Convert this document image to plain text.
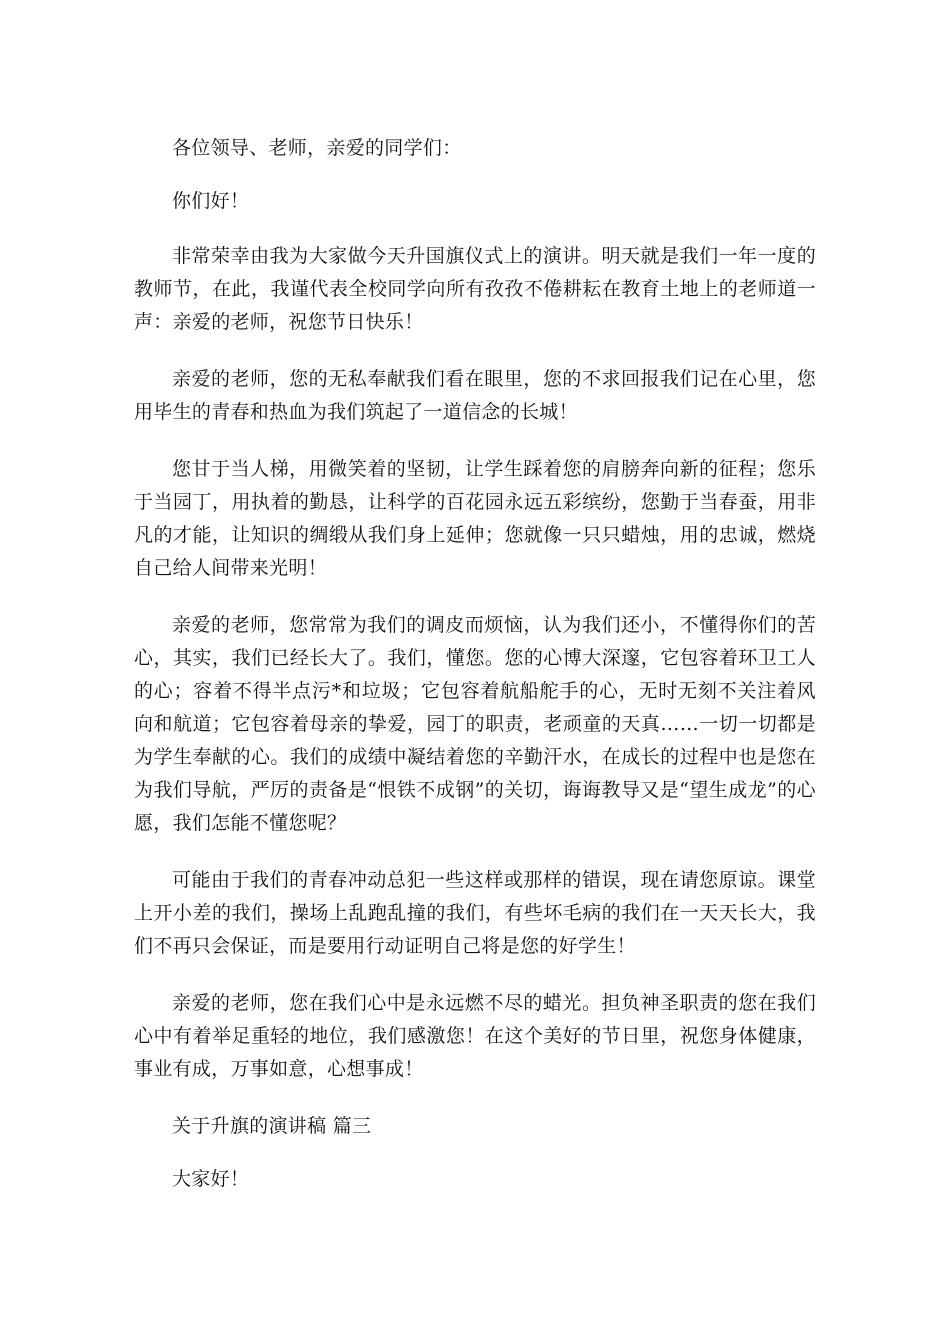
各位领导、老师，亲爱的同学们：

你们好！

非常荣幸由我为大家做今天升国旗仪式上的演讲。明天就是我们一年一度的教师节，在此，我谨代表全校同学向所有孜孜不倦耕耘在教育土地上的老师道一声：亲爱的老师，祝您节日快乐！

亲爱的老师，您的无私奉献我们看在眼里，您的不求回报我们记在心里，您用毕生的青春和热血为我们筑起了一道信念的长城！

您甘于当人梯，用微笑着的坚韧，让学生踩着您的肩膀奔向新的征程；您乐于当园丁，用执着的勤恳，让科学的百花园永远五彩缤纷，您勤于当春蚕，用非凡的才能，让知识的绸缎从我们身上延伸；您就像一只只蜡烛，用的忠诚，燃烧自己给人间带来光明！

亲爱的老师，您常常为我们的调皮而烦恼，认为我们还小，不懂得你们的苦心，其实，我们已经长大了。我们，懂您。您的心博大深邃，它包容着环卫工人的心；容着不得半点污*和垃圾；它包容着航船舵手的心，无时无刻不关注着风向和航道；它包容着母亲的挚爱，园丁的职责，老顽童的天真……一切一切都是为学生奉献的心。我们的成绩中凝结着您的辛勤汗水，在成长的过程中也是您在为我们导航，严厉的责备是“恨铁不成钢”的关切，诲诲教导又是“望生成龙”的心愿，我们怎能不懂您呢？

可能由于我们的青春冲动总犯一些这样或那样的错误，现在请您原谅。课堂上开小差的我们，操场上乱跑乱撞的我们，有些坏毛病的我们在一天天长大，我们不再只会保证，而是要用行动证明自己将是您的好学生！

亲爱的老师，您在我们心中是永远燃不尽的蜡光。担负神圣职责的您在我们心中有着举足重轻的地位，我们感激您！在这个美好的节日里，祝您身体健康，事业有成，万事如意，心想事成！

关于升旗的演讲稿 篇三

大家好！
